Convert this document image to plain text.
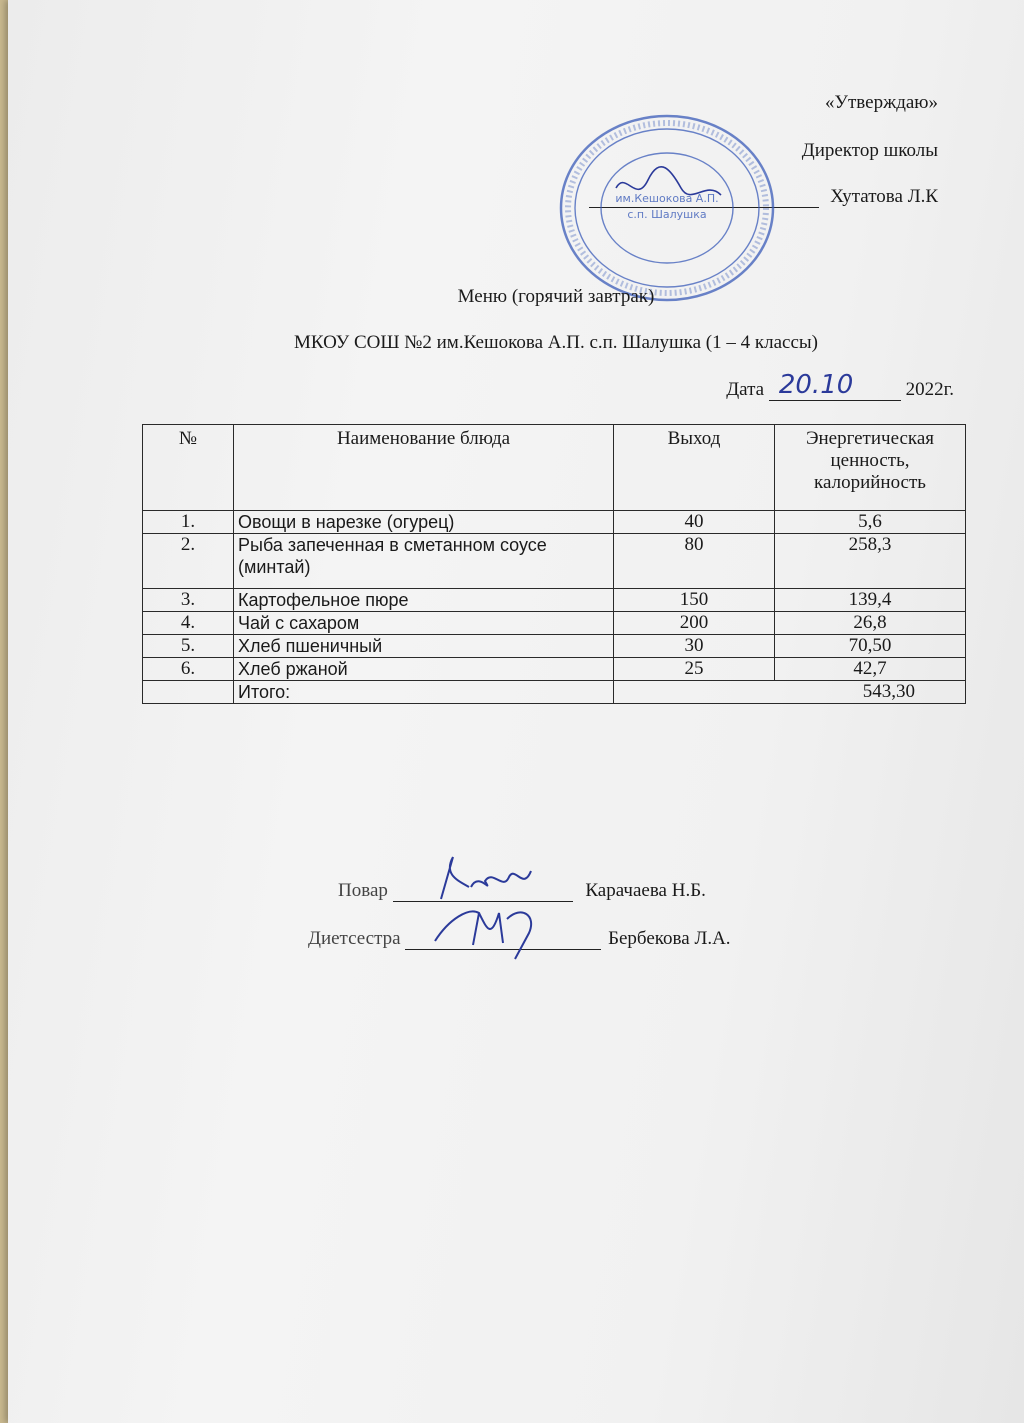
«Утверждаю»
Директор школы
Хутатова Л.К
им.Кешокова А.П.
с.п. Шалушка
Меню (горячий завтрак)
МКОУ СОШ №2 им.Кешокова А.П. с.п. Шалушка (1 – 4 классы)
Дата 20.10	2022г.
№	Наименование блюда	Выход	Энергетическая ценность, калорийность
1.	Овощи в нарезке (огурец)	40	5,6
2.	Рыба запеченная в сметанном соусе (минтай)	80	258,3
3.	Картофельное пюре	150	139,4
4.	Чай с сахаром	200	26,8
5.	Хлеб пшеничный	30	70,50
6.	Хлеб ржаной	25	42,7
	Итого:	543,30	
Повар	Карачаева Н.Б.
Диетсестра	Бербекова Л.А.
